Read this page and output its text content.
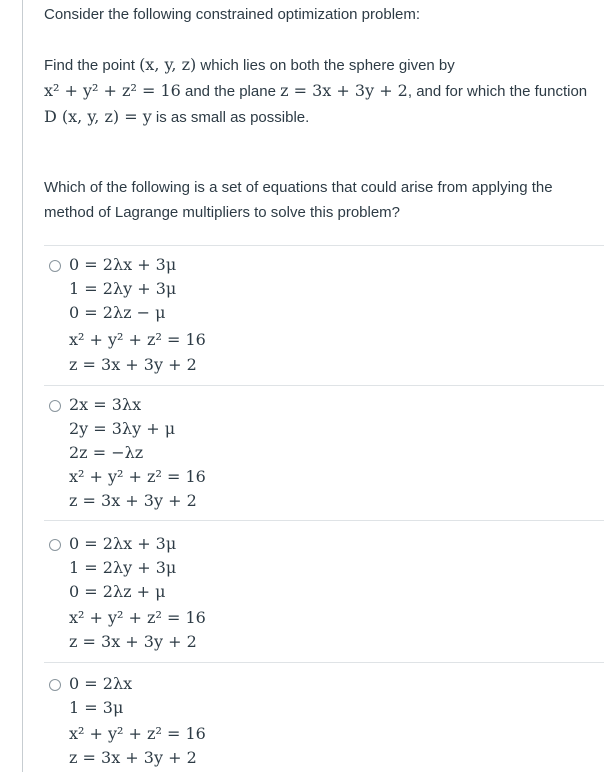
Consider the following constrained optimization problem:
Find the point (x, y, z) which lies on both the sphere given by
x² + y² + z² = 16 and the plane z = 3x + 3y + 2, and for which the function
D (x, y, z) = y is as small as possible.
Which of the following is a set of equations that could arise from applying the method of Lagrange multipliers to solve this problem?
0 = 2λx + 3μ
1 = 2λy + 3μ
0 = 2λz − μ
x² + y² + z² = 16
z = 3x + 3y + 2
2x = 3λx
2y = 3λy + μ
2z = −λz
x² + y² + z² = 16
z = 3x + 3y + 2
0 = 2λx + 3μ
1 = 2λy + 3μ
0 = 2λz + μ
x² + y² + z² = 16
z = 3x + 3y + 2
0 = 2λx
1 = 3μ
x² + y² + z² = 16
z = 3x + 3y + 2
